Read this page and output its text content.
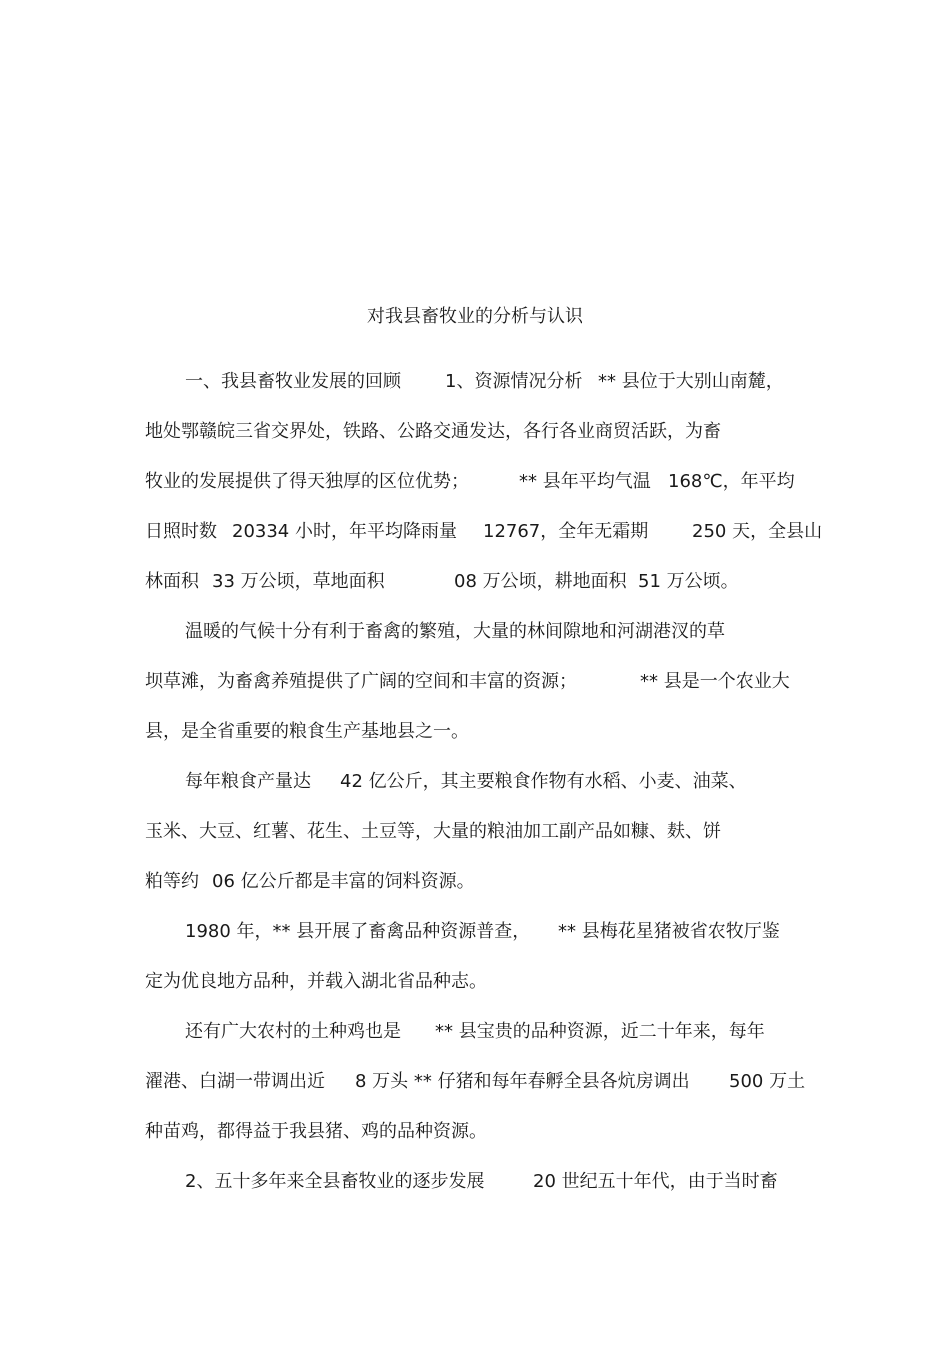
对我县畜牧业的分析与认识
一、我县畜牧业发展的回顾 1、资源情况分析 ** 县位于大别山南麓，
地处鄂赣皖三省交界处，铁路、公路交通发达，各行各业商贸活跃，为畜
牧业的发展提供了得天独厚的区位优势；	** 县年平均气温 168℃，年平均
日照时数 20334 小时，年平均降雨量 12767，全年无霜期 250 天，全县山
林面积 33 万公顷，草地面积	08 万公顷，耕地面积 51 万公顷。
温暖的气候十分有利于畜禽的繁殖，大量的林间隙地和河湖港汊的草
坝草滩，为畜禽养殖提供了广阔的空间和丰富的资源；	** 县是一个农业大
县，是全省重要的粮食生产基地县之一。
每年粮食产量达 42 亿公斤，其主要粮食作物有水稻、小麦、油菜、
玉米、大豆、红薯、花生、土豆等，大量的粮油加工副产品如糠、麸、饼
粕等约 06 亿公斤都是丰富的饲料资源。
1980 年，** 县开展了畜禽品种资源普查， ** 县梅花星猪被省农牧厅鉴
定为优良地方品种，并载入湖北省品种志。
还有广大农村的土种鸡也是 ** 县宝贵的品种资源，近二十年来，每年
濯港、白湖一带调出近 8 万头 ** 仔猪和每年春孵全县各炕房调出 500 万土
种苗鸡，都得益于我县猪、鸡的品种资源。
2、五十多年来全县畜牧业的逐步发展	20 世纪五十年代，由于当时畜
